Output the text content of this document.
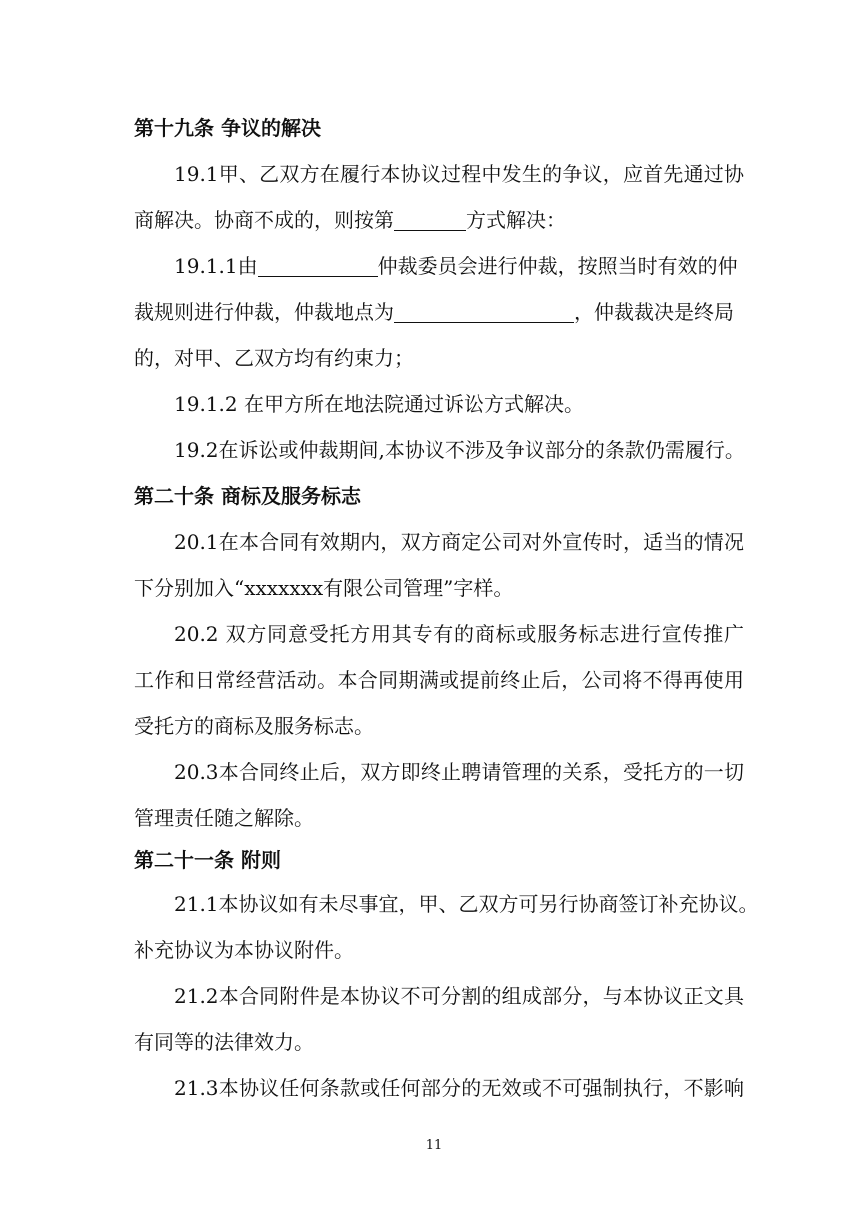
第十九条 争议的解决
19.1甲、乙双方在履行本协议过程中发生的争议，应首先通过协
商解决。协商不成的，则按第	方式解决：
19.1.1由	仲裁委员会进行仲裁，按照当时有效的仲
裁规则进行仲裁，仲裁地点为	，仲裁裁决是终局
的，对甲、乙双方均有约束力；
19.1.2 在甲方所在地法院通过诉讼方式解决。
19.2在诉讼或仲裁期间,本协议不涉及争议部分的条款仍需履行。
第二十条 商标及服务标志
20.1在本合同有效期内，双方商定公司对外宣传时，适当的情况
下分别加入“xxxxxxx有限公司管理”字样。
20.2 双方同意受托方用其专有的商标或服务标志进行宣传推广
工作和日常经营活动。本合同期满或提前终止后，公司将不得再使用
受托方的商标及服务标志。
20.3本合同终止后，双方即终止聘请管理的关系，受托方的一切
管理责任随之解除。
第二十一条 附则
21.1本协议如有未尽事宜，甲、乙双方可另行协商签订补充协议。
补充协议为本协议附件。
21.2本合同附件是本协议不可分割的组成部分，与本协议正文具
有同等的法律效力。
21.3本协议任何条款或任何部分的无效或不可强制执行，不影响
11
